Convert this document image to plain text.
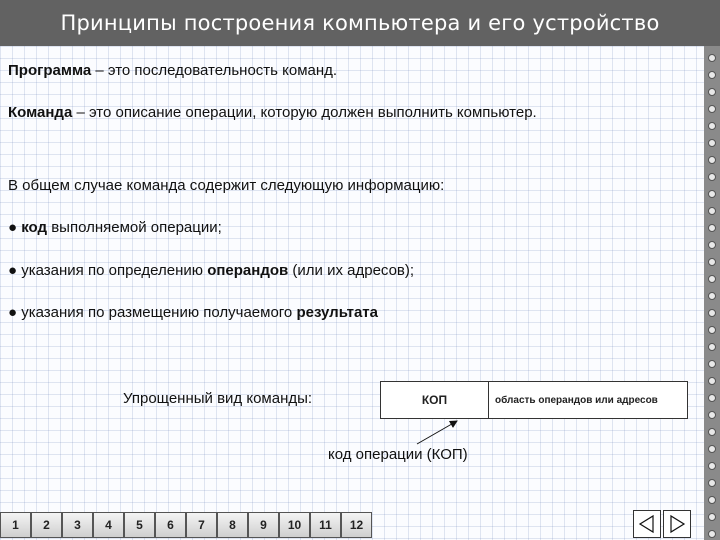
Принципы построения компьютера и его устройство
Программа – это последовательность команд.
Команда – это описание операции, которую должен выполнить компьютер.
В общем случае команда содержит следующую информацию:
● код выполняемой операции;
● указания по определению операндов (или их адресов);
● указания по размещению получаемого результата
Упрощенный вид команды:	КОП	область операндов или адресов
код операции (КОП)
1	2	3	4	5	6	7	8	9	10	11	12
